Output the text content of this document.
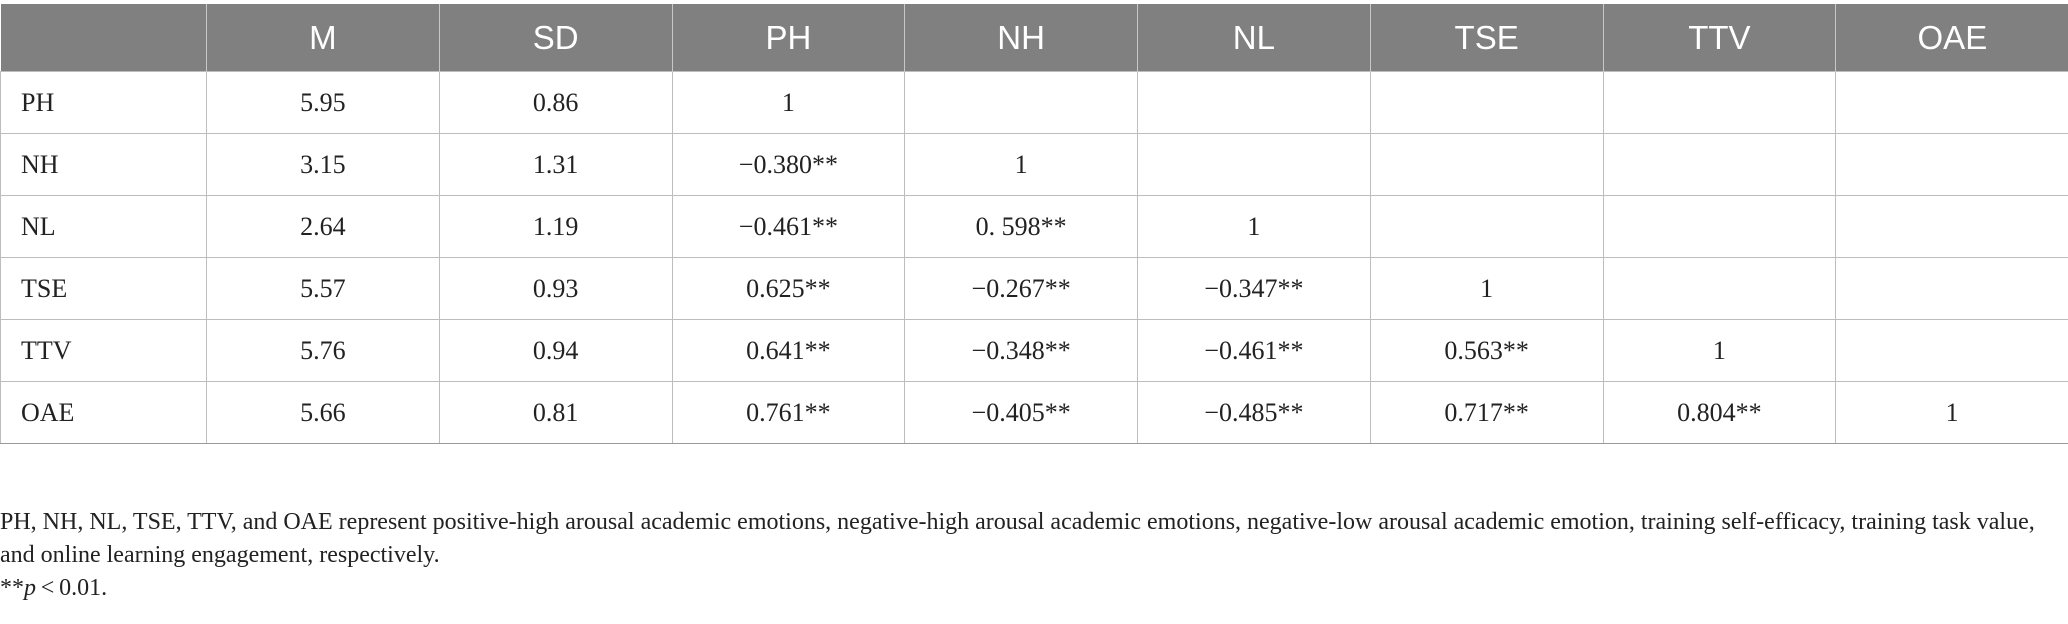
	M	SD	PH	NH	NL	TSE	TTV	OAE
PH	5.95	0.86	1					
NH	3.15	1.31	−0.380**	1				
NL	2.64	1.19	−0.461**	0. 598**	1			
TSE	5.57	0.93	0.625**	−0.267**	−0.347**	1		
TTV	5.76	0.94	0.641**	−0.348**	−0.461**	0.563**	1	
OAE	5.66	0.81	0.761**	−0.405**	−0.485**	0.717**	0.804**	1

PH, NH, NL, TSE, TTV, and OAE represent positive-high arousal academic emotions, negative-high arousal academic emotions, negative-low arousal academic emotion, training self-efficacy, training task value, and online learning engagement, respectively.

**p < 0.01.
